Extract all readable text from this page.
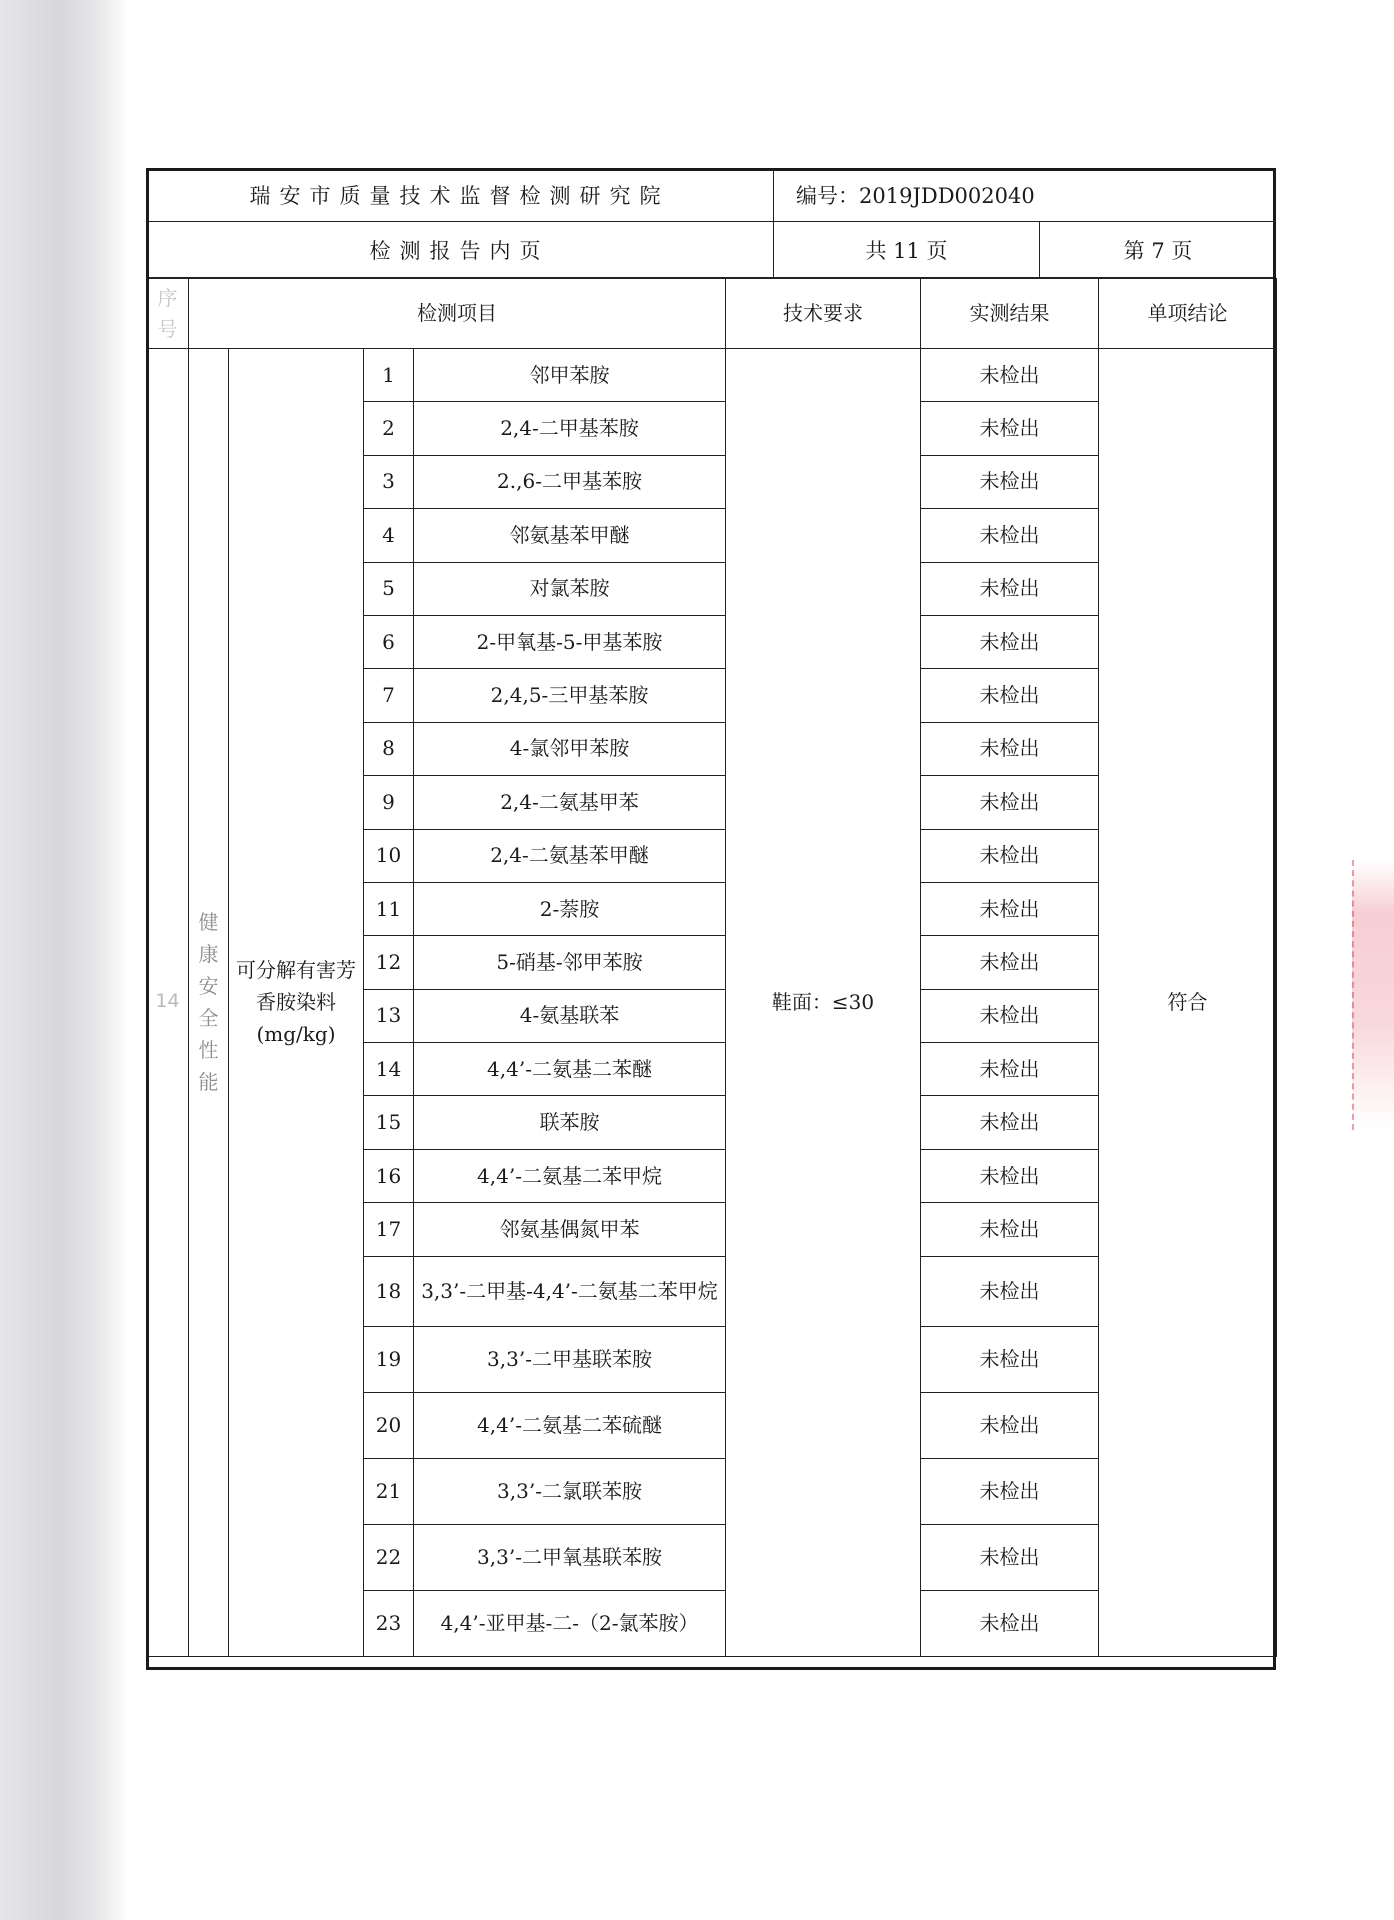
瑞安市质量技术监督检测研究院	编号：2019JDD002040
检测报告内页	共 11 页	第 7 页
序号	检测项目				技术要求	实测结果	单项结论
14	健康安全性能	可分解有害芳香胺染料(mg/kg)	1	邻甲苯胺	鞋面：≤30	未检出	符合
			2	2,4-二甲基苯胺		未检出	
			3	2.,6-二甲基苯胺		未检出	
			4	邻氨基苯甲醚		未检出	
			5	对氯苯胺		未检出	
			6	2-甲氧基-5-甲基苯胺		未检出	
			7	2,4,5-三甲基苯胺		未检出	
			8	4-氯邻甲苯胺		未检出	
			9	2,4-二氨基甲苯		未检出	
			10	2,4-二氨基苯甲醚		未检出	
			11	2-萘胺		未检出	
			12	5-硝基-邻甲苯胺		未检出	
			13	4-氨基联苯		未检出	
			14	4,4’-二氨基二苯醚		未检出	
			15	联苯胺		未检出	
			16	4,4’-二氨基二苯甲烷		未检出	
			17	邻氨基偶氮甲苯		未检出	
			18	3,3’-二甲基-4,4’-二氨基二苯甲烷		未检出	
			19	3,3’-二甲基联苯胺		未检出	
			20	4,4’-二氨基二苯硫醚		未检出	
			21	3,3’-二氯联苯胺		未检出	
			22	3,3’-二甲氧基联苯胺		未检出	
			23	4,4’-亚甲基-二-（2-氯苯胺）		未检出	
